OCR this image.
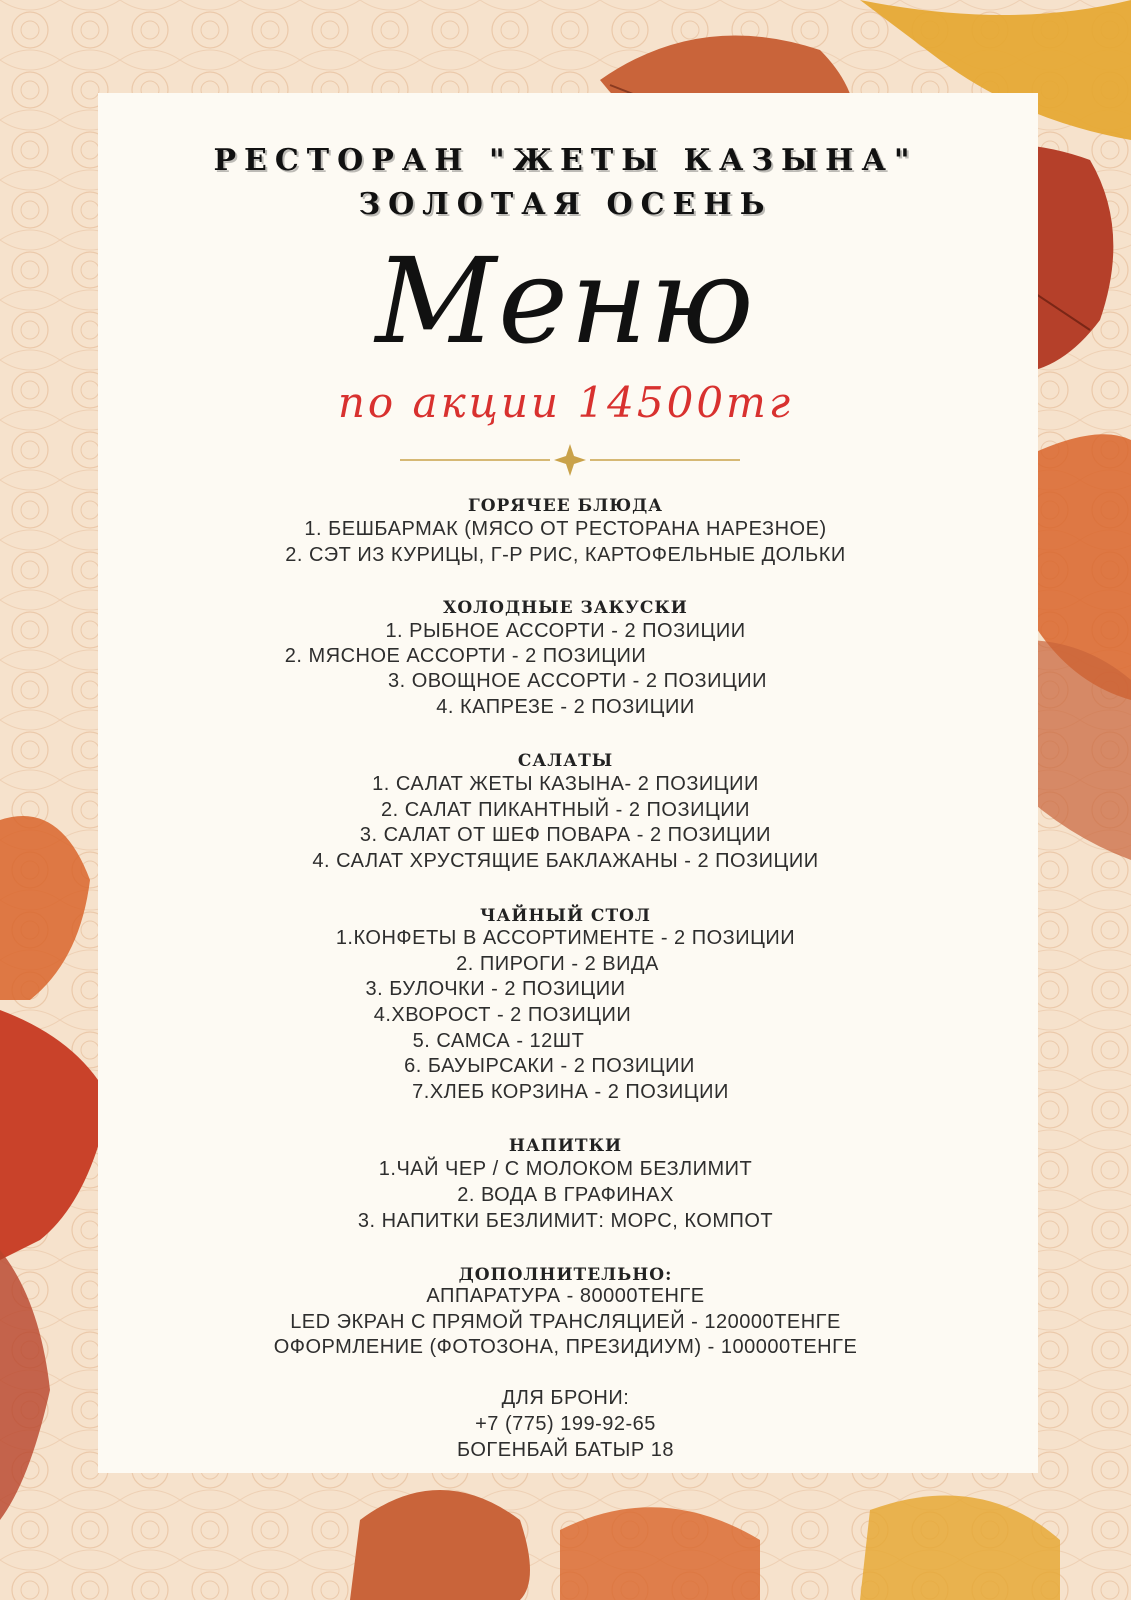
РЕСТОРАН "ЖЕТЫ КАЗЫНА"
ЗОЛОТАЯ ОСЕНЬ
Меню
по акции 14500тг
ГОРЯЧЕЕ БЛЮДА
1. БЕШБАРМАК (МЯСО ОТ РЕСТОРАНА НАРЕЗНОЕ)
2. СЭТ ИЗ КУРИЦЫ, Г-Р РИС, КАРТОФЕЛЬНЫЕ ДОЛЬКИ
ХОЛОДНЫЕ ЗАКУСКИ
1. РЫБНОЕ АССОРТИ - 2 ПОЗИЦИИ
2. МЯСНОЕ АССОРТИ - 2 ПОЗИЦИИ
3. ОВОЩНОЕ АССОРТИ - 2 ПОЗИЦИИ
4. КАПРЕЗЕ - 2 ПОЗИЦИИ
САЛАТЫ
1. САЛАТ ЖЕТЫ КАЗЫНА- 2 ПОЗИЦИИ
2. САЛАТ ПИКАНТНЫЙ - 2 ПОЗИЦИИ
3. САЛАТ ОТ ШЕФ ПОВАРА - 2 ПОЗИЦИИ
4. САЛАТ ХРУСТЯЩИЕ БАКЛАЖАНЫ - 2 ПОЗИЦИИ
ЧАЙНЫЙ СТОЛ
1.КОНФЕТЫ В АССОРТИМЕНТЕ - 2 ПОЗИЦИИ
2. ПИРОГИ - 2 ВИДА
3. БУЛОЧКИ - 2 ПОЗИЦИИ
4.ХВОРОСТ - 2 ПОЗИЦИИ
5. САМСА - 12ШТ
6. БАУЫРСАКИ - 2 ПОЗИЦИИ
7.ХЛЕБ КОРЗИНА - 2 ПОЗИЦИИ
НАПИТКИ
1.ЧАЙ ЧЕР / С МОЛОКОМ БЕЗЛИМИТ
2. ВОДА В ГРАФИНАХ
3. НАПИТКИ БЕЗЛИМИТ: МОРС, КОМПОТ
ДОПОЛНИТЕЛЬНО:
АППАРАТУРА - 80000ТЕНГЕ
LED ЭКРАН С ПРЯМОЙ ТРАНСЛЯЦИЕЙ - 120000ТЕНГЕ
ОФОРМЛЕНИЕ (ФОТОЗОНА, ПРЕЗИДИУМ) - 100000ТЕНГЕ
ДЛЯ БРОНИ:
+7 (775) 199-92-65
БОГЕНБАЙ БАТЫР 18
